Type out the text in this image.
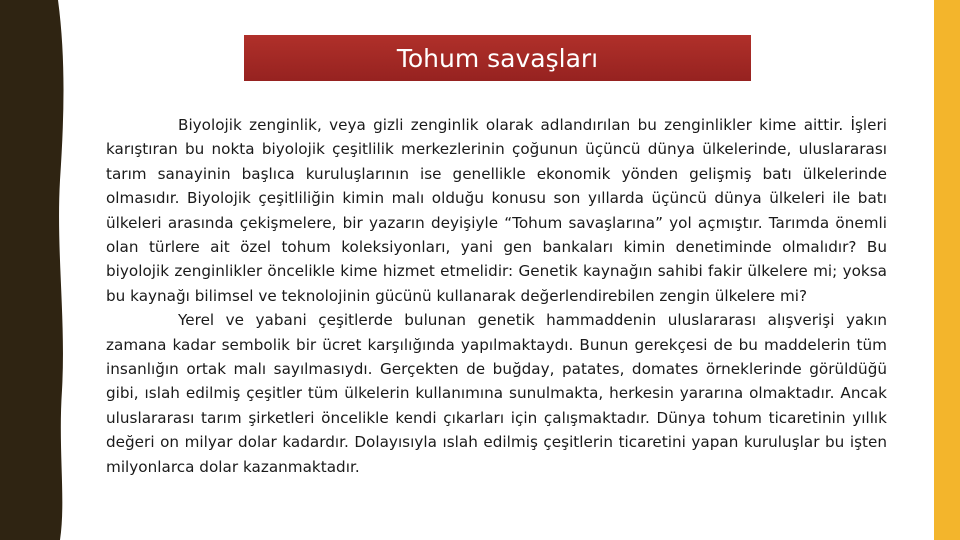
Tohum savaşları

Biyolojik zenginlik, veya gizli zenginlik olarak adlandırılan bu zenginlikler kime aittir. İşleri karıştıran bu nokta biyolojik çeşitlilik merkezlerinin çoğunun üçüncü dünya ülkelerinde, uluslararası tarım sanayinin başlıca kuruluşlarının ise genellikle ekonomik yönden gelişmiş batı ülkelerinde olmasıdır. Biyolojik çeşitliliğin kimin malı olduğu konusu son yıllarda üçüncü dünya ülkeleri ile batı ülkeleri arasında çekişmelere, bir yazarın deyişiyle “Tohum savaşlarına” yol açmıştır. Tarımda önemli olan türlere ait özel tohum koleksiyonları, yani gen bankaları kimin denetiminde olmalıdır? Bu biyolojik zenginlikler öncelikle kime hizmet etmelidir: Genetik kaynağın sahibi fakir ülkelere mi; yoksa bu kaynağı bilimsel ve teknolojinin gücünü kullanarak değerlendirebilen zengin ülkelere mi?

Yerel ve yabani çeşitlerde bulunan genetik hammaddenin uluslararası alışverişi yakın zamana kadar sembolik bir ücret karşılığında yapılmaktaydı. Bunun gerekçesi de bu maddelerin tüm insanlığın ortak malı sayılmasıydı. Gerçekten de buğday, patates, domates örneklerinde görüldüğü gibi, ıslah edilmiş çeşitler tüm ülkelerin kullanımına sunulmakta, herkesin yararına olmaktadır. Ancak uluslararası tarım şirketleri öncelikle kendi çıkarları için çalışmaktadır. Dünya tohum ticaretinin yıllık değeri on milyar dolar kadardır. Dolayısıyla ıslah edilmiş çeşitlerin ticaretini yapan kuruluşlar bu işten milyonlarca dolar kazanmaktadır.
